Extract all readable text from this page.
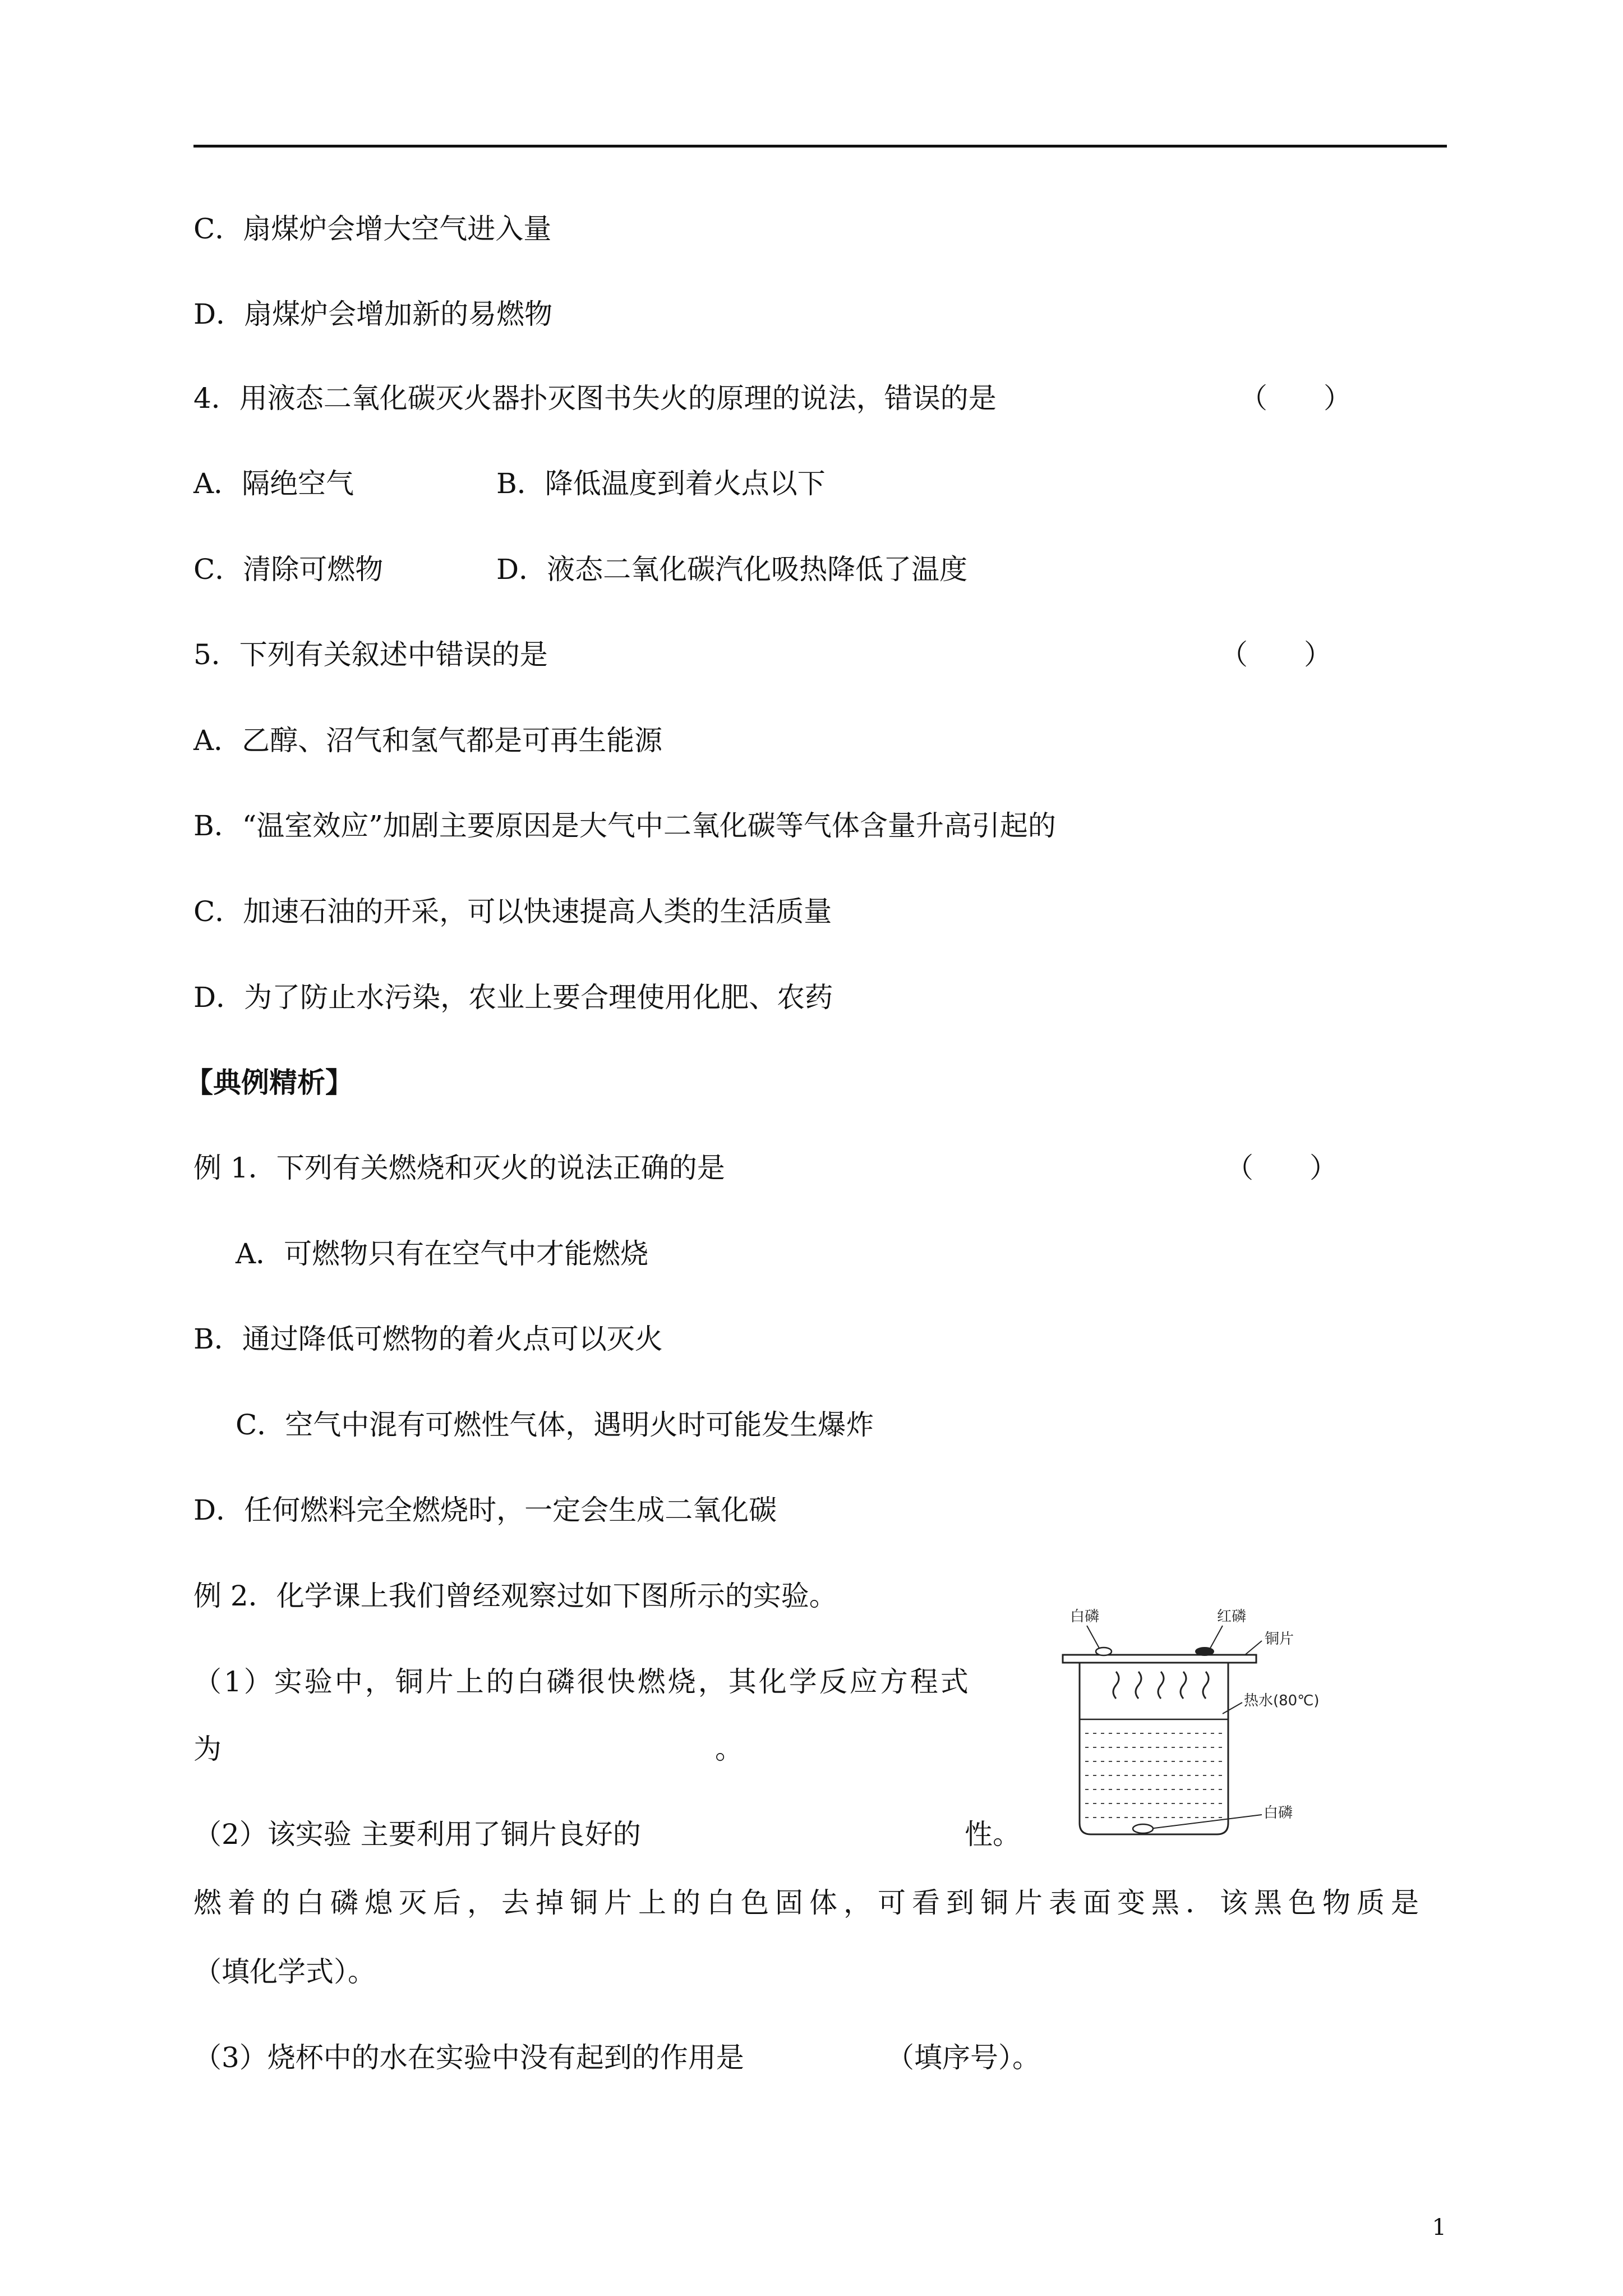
C．扇煤炉会增大空气进入量
D．扇煤炉会增加新的易燃物
4．用液态二氧化碳灭火器扑灭图书失火的原理的说法，错误的是	（　　）
A．隔绝空气	B．降低温度到着火点以下
C．清除可燃物	D．液态二氧化碳汽化吸热降低了温度
5．下列有关叙述中错误的是	（　　）
A．乙醇、沼气和氢气都是可再生能源
B．“温室效应”加剧主要原因是大气中二氧化碳等气体含量升高引起的
C．加速石油的开采，可以快速提高人类的生活质量
D．为了防止水污染，农业上要合理使用化肥、农药
【典例精析】
例 1．下列有关燃烧和灭火的说法正确的是	（　　）
A．可燃物只有在空气中才能燃烧
B．通过降低可燃物的着火点可以灭火
C．空气中混有可燃性气体，遇明火时可能发生爆炸
D．任何燃料完全燃烧时，一定会生成二氧化碳
例 2．化学课上我们曾经观察过如下图所示的实验。
（1）实验中，铜片上的白磷很快燃烧，其化学反应方程式
为	。
（2）该实验 主要利用了铜片良好的	性。
燃着的白磷熄灭后，去掉铜片上的白色固体，可看到铜片表面变黑．该黑色物质是
（填化学式）。
（3）烧杯中的水在实验中没有起到的作用是	（填序号）。
白磷	红磷
铜片
热水(80℃)
白磷
1
